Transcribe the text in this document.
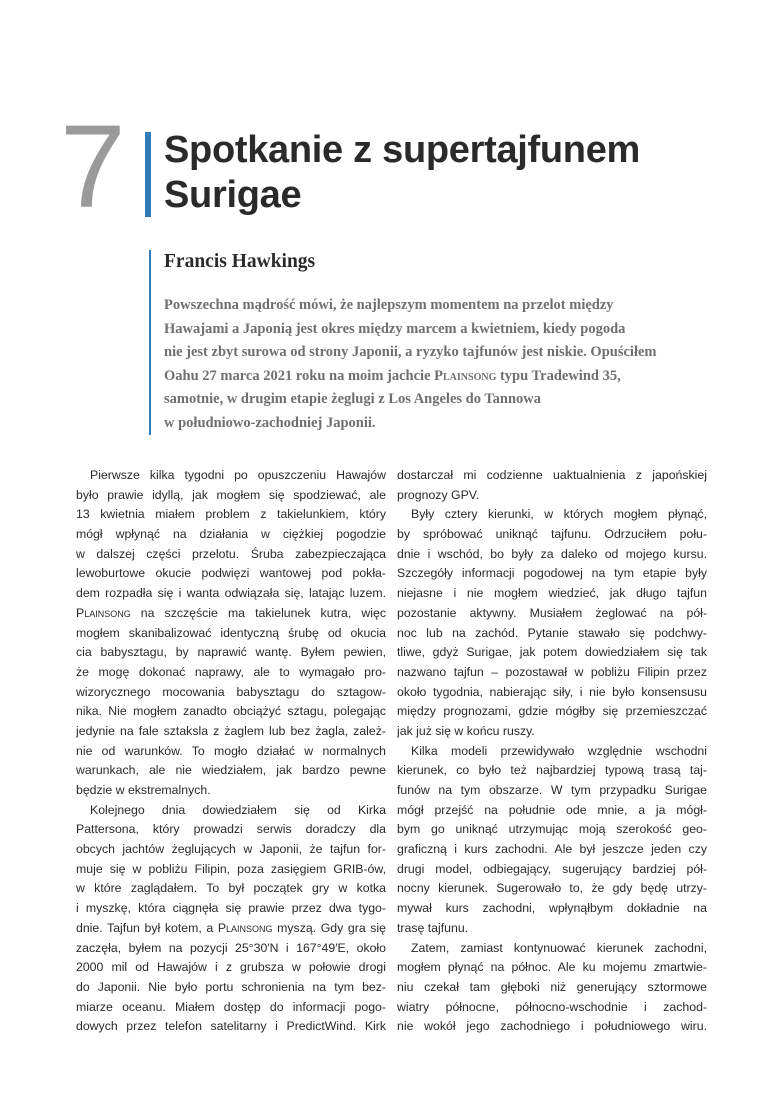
7 Spotkanie z supertajfunem
Surigae
Francis Hawkings
Powszechna mądrość mówi, że najlepszym momentem na przelot między
Hawajami a Japonią jest okres między marcem a kwietniem, kiedy pogoda
nie jest zbyt surowa od strony Japonii, a ryzyko tajfunów jest niskie. Opuściłem
Oahu 27 marca 2021 roku na moim jachcie Plainsong typu Tradewind 35,
samotnie, w drugim etapie żeglugi z Los Angeles do Tannowa
w południowo-zachodniej Japonii.
Pierwsze kilka tygodni po opuszczeniu Hawajów
było prawie idyllą, jak mogłem się spodziewać, ale
13 kwietnia miałem problem z takielunkiem, który
mógł wpłynąć na działania w ciężkiej pogodzie
w dalszej części przelotu. Śruba zabezpieczająca
lewoburtowe okucie podwięzi wantowej pod pokła-
dem rozpadła się i wanta odwiązała się, latając luzem.
Plainsong na szczęście ma takielunek kutra, więc
mogłem skanibalizować identyczną śrubę od okucia
cia babysztagu, by naprawić wantę. Byłem pewien,
że mogę dokonać naprawy, ale to wymagało pro-
wizorycznego mocowania babysztagu do sztagow-
nika. Nie mogłem zanadto obciążyć sztagu, polegając
jedynie na fale sztaksla z żaglem lub bez żagla, zależ-
nie od warunków. To mogło działać w normalnych
warunkach, ale nie wiedziałem, jak bardzo pewne
będzie w ekstremalnych.
Kolejnego dnia dowiedziałem się od Kirka
Pattersona, który prowadzi serwis doradczy dla
obcych jachtów żeglujących w Japonii, że tajfun for-
muje się w pobliżu Filipin, poza zasięgiem GRIB-ów,
w które zaglądałem. To był początek gry w kotka
i myszkę, która ciągnęła się prawie przez dwa tygo-
dnie. Tajfun był kotem, a Plainsong myszą. Gdy gra się
zaczęła, byłem na pozycji 25°30′N i 167°49′E, około
2000 mil od Hawajów i z grubsza w połowie drogi
do Japonii. Nie było portu schronienia na tym bez-
miarze oceanu. Miałem dostęp do informacji pogo-
dowych przez telefon satelitarny i PredictWind. Kirk
dostarczał mi codzienne uaktualnienia z japońskiej
prognozy GPV.
Były cztery kierunki, w których mogłem płynąć,
by spróbować uniknąć tajfunu. Odrzuciłem połu-
dnie i wschód, bo były za daleko od mojego kursu.
Szczegóły informacji pogodowej na tym etapie były
niejasne i nie mogłem wiedzieć, jak długo tajfun
pozostanie aktywny. Musiałem żeglować na pół-
noc lub na zachód. Pytanie stawało się podchwy-
tliwe, gdyż Surigae, jak potem dowiedziałem się tak
nazwano tajfun – pozostawał w pobliżu Filipin przez
około tygodnia, nabierając siły, i nie było konsensusu
między prognozami, gdzie mógłby się przemieszczać
jak już się w końcu ruszy.
Kilka modeli przewidywało względnie wschodni
kierunek, co było też najbardziej typową trasą taj-
funów na tym obszarze. W tym przypadku Surigae
mógł przejść na południe ode mnie, a ja mógł-
bym go uniknąć utrzymując moją szerokość geo-
graficzną i kurs zachodni. Ale był jeszcze jeden czy
drugi model, odbiegający, sugerujący bardziej pół-
nocny kierunek. Sugerowało to, że gdy będę utrzy-
mywał kurs zachodni, wpłynąłbym dokładnie na
trasę tajfunu.
Zatem, zamiast kontynuować kierunek zachodni,
mogłem płynąć na północ. Ale ku mojemu zmartwie-
niu czekał tam głęboki niż generujący sztormowe
wiatry północne, północno-wschodnie i zachod-
nie wokół jego zachodniego i południowego wiru.
